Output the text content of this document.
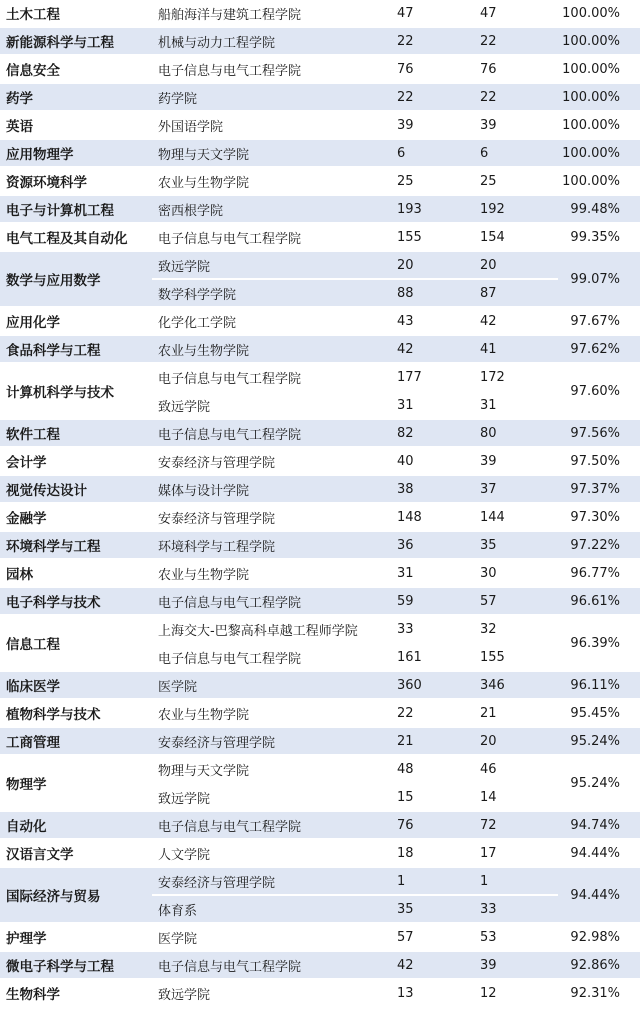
土木工程	船舶海洋与建筑工程学院	47	47	100.00%
新能源科学与工程	机械与动力工程学院	22	22	100.00%
信息安全	电子信息与电气工程学院	76	76	100.00%
药学	药学院	22	22	100.00%
英语	外国语学院	39	39	100.00%
应用物理学	物理与天文学院	6	6	100.00%
资源环境科学	农业与生物学院	25	25	100.00%
电子与计算机工程	密西根学院	193	192	99.48%
电气工程及其自动化	电子信息与电气工程学院	155	154	99.35%
数学与应用数学	致远学院	20	20	99.07%
	数学科学学院	88	87	
应用化学	化学化工学院	43	42	97.67%
食品科学与工程	农业与生物学院	42	41	97.62%
计算机科学与技术	电子信息与电气工程学院	177	172	97.60%
	致远学院	31	31	
软件工程	电子信息与电气工程学院	82	80	97.56%
会计学	安泰经济与管理学院	40	39	97.50%
视觉传达设计	媒体与设计学院	38	37	97.37%
金融学	安泰经济与管理学院	148	144	97.30%
环境科学与工程	环境科学与工程学院	36	35	97.22%
园林	农业与生物学院	31	30	96.77%
电子科学与技术	电子信息与电气工程学院	59	57	96.61%
信息工程	上海交大-巴黎高科卓越工程师学院	33	32	96.39%
	电子信息与电气工程学院	161	155	
临床医学	医学院	360	346	96.11%
植物科学与技术	农业与生物学院	22	21	95.45%
工商管理	安泰经济与管理学院	21	20	95.24%
物理学	物理与天文学院	48	46	95.24%
	致远学院	15	14	
自动化	电子信息与电气工程学院	76	72	94.74%
汉语言文学	人文学院	18	17	94.44%
国际经济与贸易	安泰经济与管理学院	1	1	94.44%
	体育系	35	33	
护理学	医学院	57	53	92.98%
微电子科学与工程	电子信息与电气工程学院	42	39	92.86%
生物科学	致远学院	13	12	92.31%
